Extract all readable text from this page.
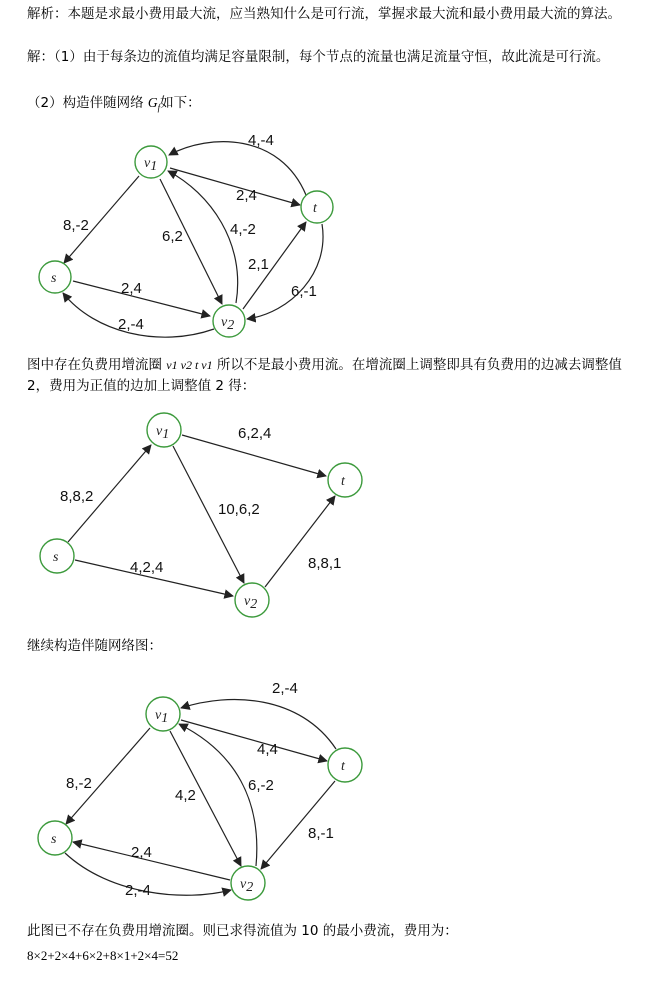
解析：本题是求最小费用最大流，应当熟知什么是可行流，掌握求最大流和最小费用最大流的算法。
解：（1）由于每条边的流值均满足容量限制，每个节点的流量也满足流量守恒，故此流是可行流。
（2）构造伴随网络 $G_f$如下：
v1
t
s
v2
4,-4
2,4
8,-2
6,2	4,-2
2,1
6,-1
2,4
2,-4
图中存在负费用增流圈 v1 v2 t v1 所以不是最小费用流。在增流圈上调整即具有负费用的边减去调整值 2，费用为正值的边加上调整值 2 得：
v1
t
s
v2
6,2,4
8,8,2
10,6,2
4,2,4	8,8,1
继续构造伴随网络图：
v1
t
s
v2
2,-4
4,4
8,-2
4,2
6,-2
8,-1
2,4
2,-4
此图已不存在负费用增流圈。则已求得流值为 10 的最小费流，费用为：
8×2+2×4+6×2+8×1+2×4=52
